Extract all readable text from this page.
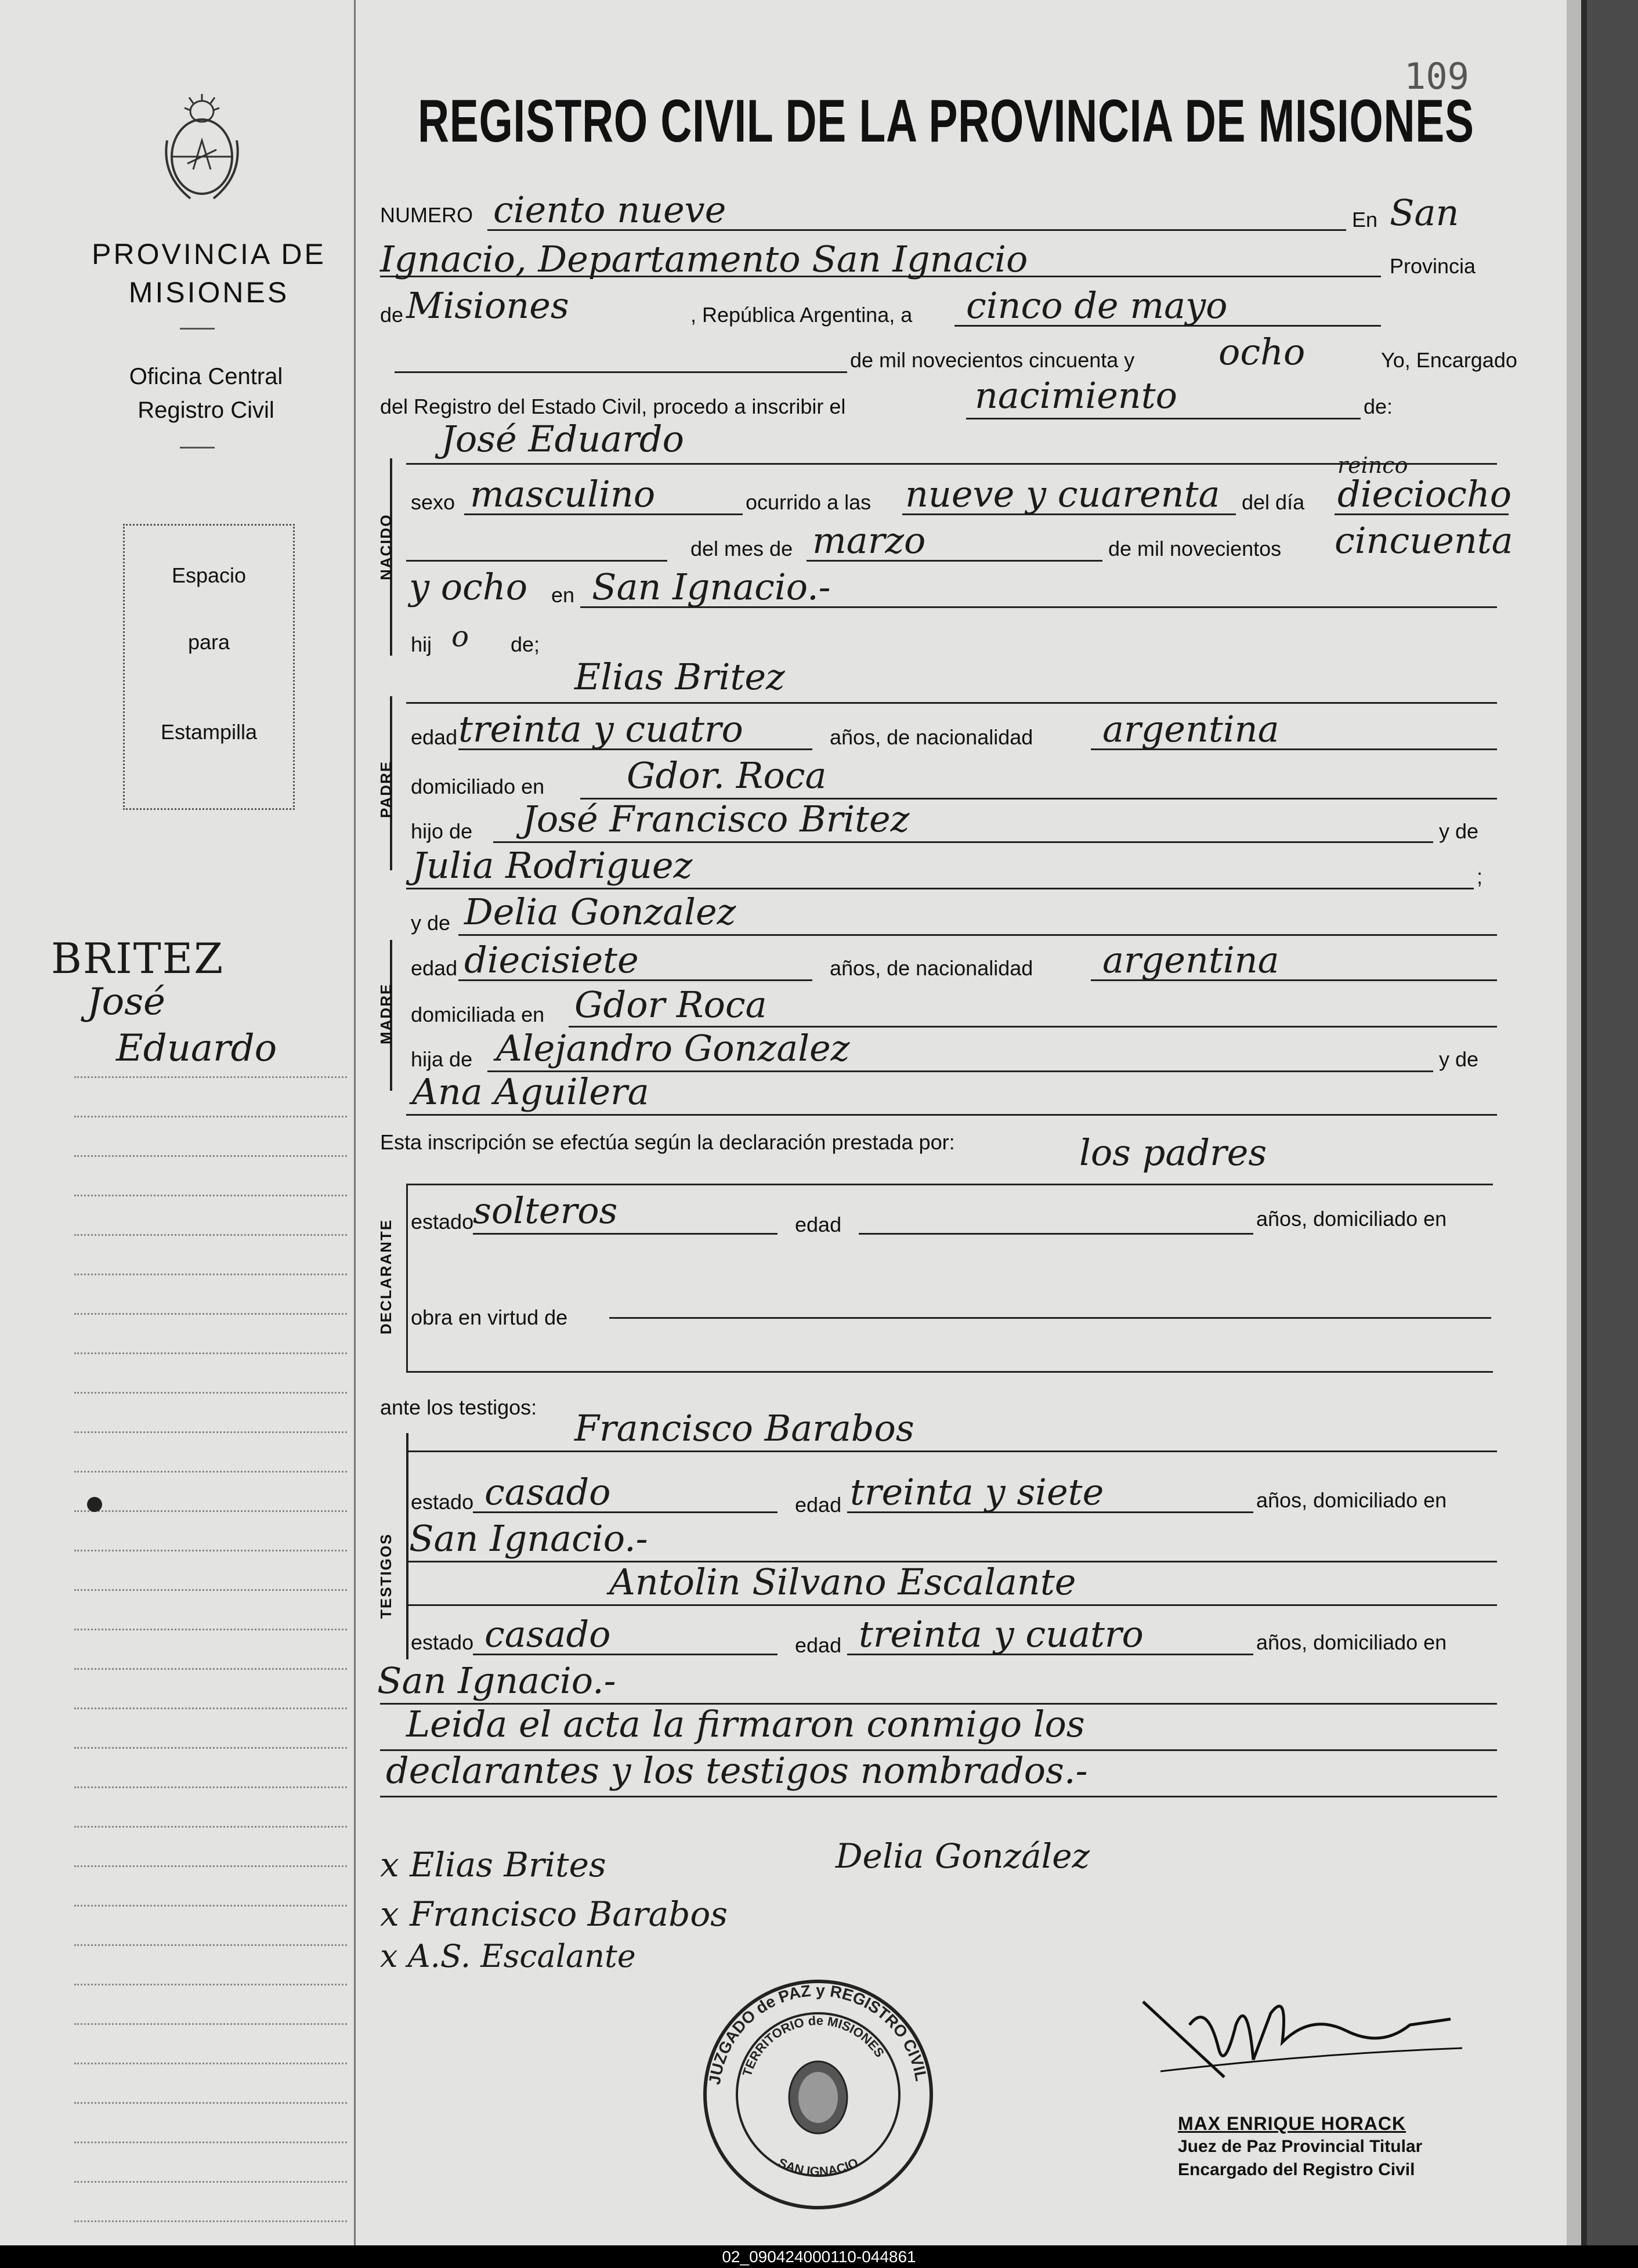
PROVINCIA DE MISIONES
Oficina Central
Registro Civil
Espacio
para
Estampilla
BRITEZ
José
Eduardo
109
REGISTRO CIVIL DE LA PROVINCIA DE MISIONES
NUMERO ciento nueve	En San
Ignacio, Departamento San Ignacio	Provincia
de Misiones	, República Argentina, a cinco de mayo
de mil novecientos cincuenta y ocho	Yo, Encargado
del Registro del Estado Civil, procedo a inscribir el	nacimiento	de:
NACIDO
José Eduardo
sexo masculino	ocurrido a las nueve y cuarenta del día
reinco
dieciocho
del mes de marzo	de mil novecientos cincuenta
y ocho en San Ignacio.-
hij o de;
PADRE
Elias Britez
edad treinta y cuatro	años, de nacionalidad argentina
domiciliado en Gdor. Roca
hijo de José Francisco Britez	y de
Julia Rodriguez	;
y de Delia Gonzalez
MADRE
edad diecisiete	años, de nacionalidad argentina
domiciliada en Gdor Roca
hija de Alejandro Gonzalez	y de
Ana Aguilera
Esta inscripción se efectúa según la declaración prestada por:	los padres
DECLARANTE estado
solteros	edad	años, domiciliado en
obra en virtud de
ante los testigos:
TESTIGOS
Francisco Barabos
estado casado	edad treinta y siete	años, domiciliado en
San Ignacio.-
Antolin Silvano Escalante
estado casado	edad treinta y cuatro	años, domiciliado en
San Ignacio.-
Leida el acta la firmaron conmigo los
declarantes y los testigos nombrados.-
x Elias Brites	Delia González
x Francisco Barabos
x A.S. Escalante
JUZGADO de PAZ y REGISTRO CIVIL
TERRITORIO de MISIONES
SAN IGNACIO
MAX ENRIQUE HORACK
Juez de Paz Provincial Titular
Encargado del Registro Civil
02_090424000110-044861
